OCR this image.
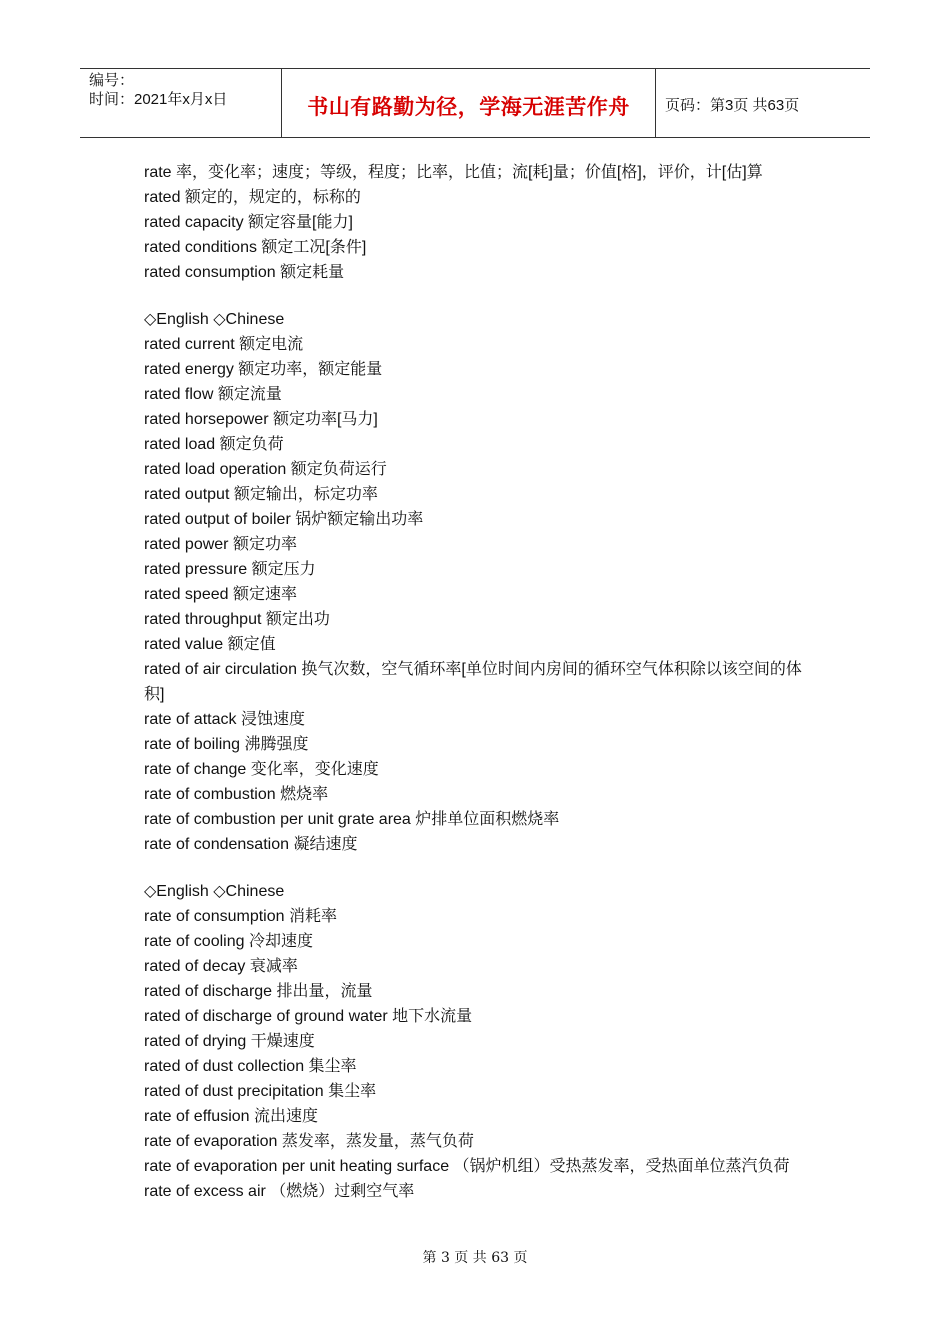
编号：
时间：2021年x月x日	书山有路勤为径，学海无涯苦作舟	页码：第3页 共63页
rate 率，变化率；速度；等级，程度；比率，比值；流[耗]量；价值[格]，评价，计[估]算
rated 额定的，规定的，标称的
rated capacity 额定容量[能力]
rated conditions 额定工况[条件]
rated consumption 额定耗量
◇English ◇Chinese
rated current 额定电流
rated energy 额定功率，额定能量
rated flow 额定流量
rated horsepower 额定功率[马力]
rated load 额定负荷
rated load operation 额定负荷运行
rated output 额定输出，标定功率
rated output of boiler 锅炉额定输出功率
rated power 额定功率
rated pressure 额定压力
rated speed 额定速率
rated throughput 额定出功
rated value 额定值
rated of air circulation 换气次数，空气循环率[单位时间内房间的循环空气体积除以该空间的体积]
rate of attack 浸蚀速度
rate of boiling 沸腾强度
rate of change 变化率，变化速度
rate of combustion 燃烧率
rate of combustion per unit grate area 炉排单位面积燃烧率
rate of condensation 凝结速度
◇English ◇Chinese
rate of consumption 消耗率
rate of cooling 冷却速度
rated of decay 衰减率
rated of discharge 排出量，流量
rated of discharge of ground water 地下水流量
rated of drying 干燥速度
rated of dust collection 集尘率
rated of dust precipitation 集尘率
rate of effusion 流出速度
rate of evaporation 蒸发率，蒸发量，蒸气负荷
rate of evaporation per unit heating surface （锅炉机组）受热蒸发率，受热面单位蒸汽负荷
rate of excess air （燃烧）过剩空气率
第 3 页 共 63 页
